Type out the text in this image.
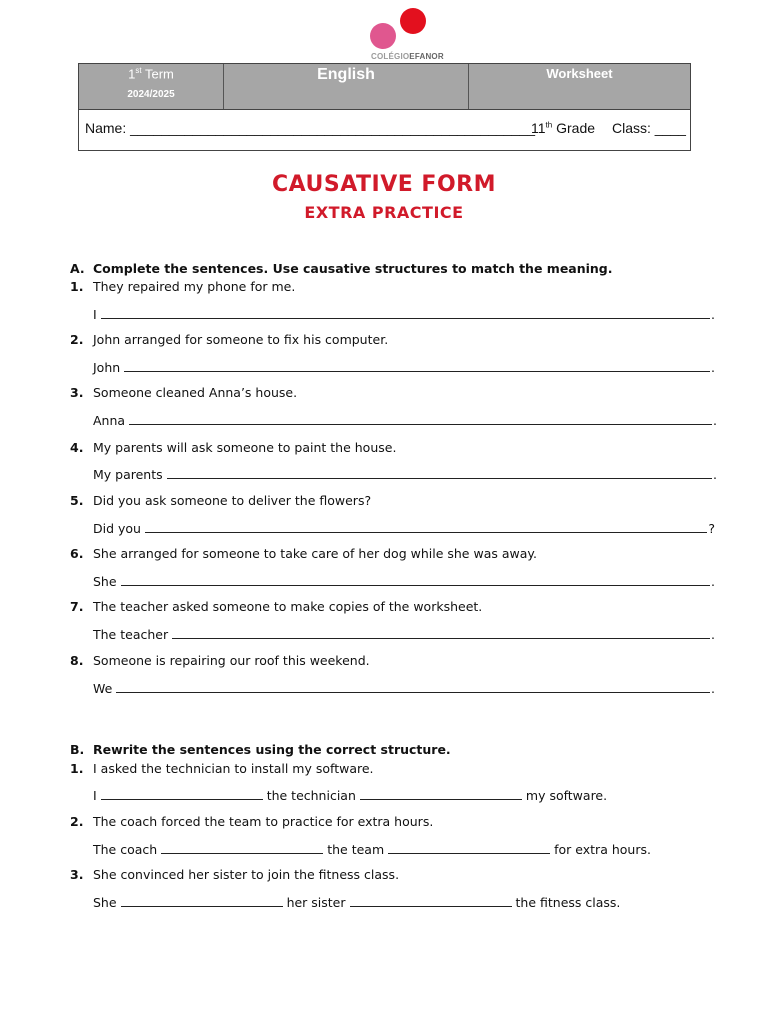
COLÉGIOEFANOR
1st Term
2024/2025
English	Worksheet
Name: ____________________________________________________
11th Grade Class: ____
CAUSATIVE FORM
EXTRA PRACTICE
A. Complete the sentences. Use causative structures to match the meaning.
1. They repaired my phone for me.
I	.
2. John arranged for someone to fix his computer.
John	.
3. Someone cleaned Anna’s house.
Anna	.
4. My parents will ask someone to paint the house.
My parents	.
5. Did you ask someone to deliver the flowers?
Did you	?
6. She arranged for someone to take care of her dog while she was away.
She	.
7. The teacher asked someone to make copies of the worksheet.
The teacher	.
8. Someone is repairing our roof this weekend.
We	.
B. Rewrite the sentences using the correct structure.
1. I asked the technician to install my software.
I	the technician	my software.
2. The coach forced the team to practice for extra hours.
The coach	the team	for extra hours.
3. She convinced her sister to join the fitness class.
She	her sister	the fitness class.
